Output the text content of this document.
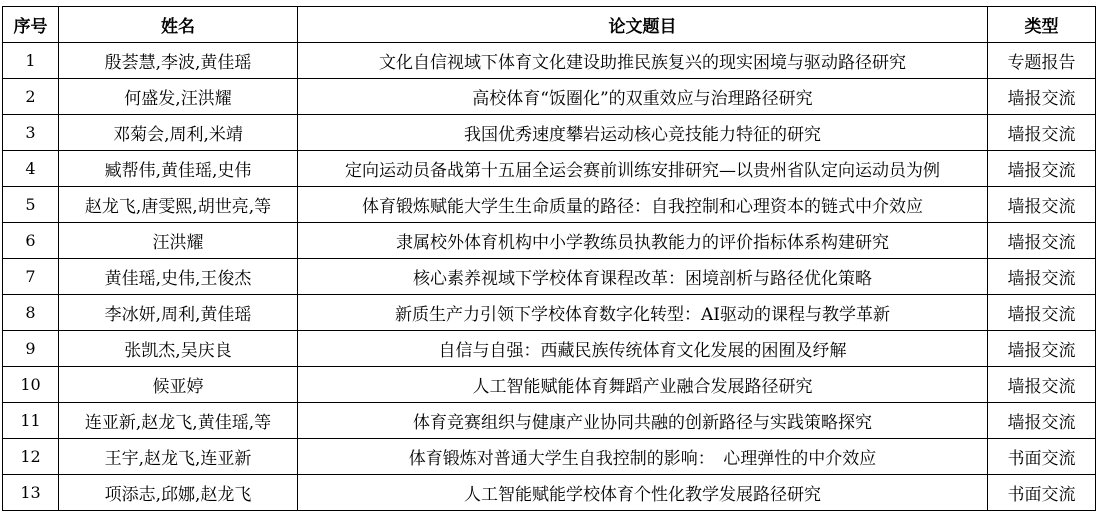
序号	姓名	论文题目	类型
1	殷荟慧,李波,黄佳瑶	文化自信视域下体育文化建设助推民族复兴的现实困境与驱动路径研究	专题报告
2	何盛发,汪洪耀	高校体育“饭圈化”的双重效应与治理路径研究	墙报交流
3	邓菊会,周利,米靖	我国优秀速度攀岩运动核心竞技能力特征的研究	墙报交流
4	臧帮伟,黄佳瑶,史伟	定向运动员备战第十五届全运会赛前训练安排研究—以贵州省队定向运动员为例	墙报交流
5	赵龙飞,唐雯熙,胡世亮,等	体育锻炼赋能大学生生命质量的路径：自我控制和心理资本的链式中介效应	墙报交流
6	汪洪耀	隶属校外体育机构中小学教练员执教能力的评价指标体系构建研究	墙报交流
7	黄佳瑶,史伟,王俊杰	核心素养视域下学校体育课程改革：困境剖析与路径优化策略	墙报交流
8	李冰妍,周利,黄佳瑶	新质生产力引领下学校体育数字化转型：AI驱动的课程与教学革新	墙报交流
9	张凯杰,吴庆良	自信与自强：西藏民族传统体育文化发展的困囿及纾解	墙报交流
10	候亚婷	人工智能赋能体育舞蹈产业融合发展路径研究	墙报交流
11	连亚新,赵龙飞,黄佳瑶,等	体育竞赛组织与健康产业协同共融的创新路径与实践策略探究	墙报交流
12	王宇,赵龙飞,连亚新	体育锻炼对普通大学生自我控制的影响：　心理弹性的中介效应	书面交流
13	项添志,邱娜,赵龙飞	人工智能赋能学校体育个性化教学发展路径研究	书面交流
